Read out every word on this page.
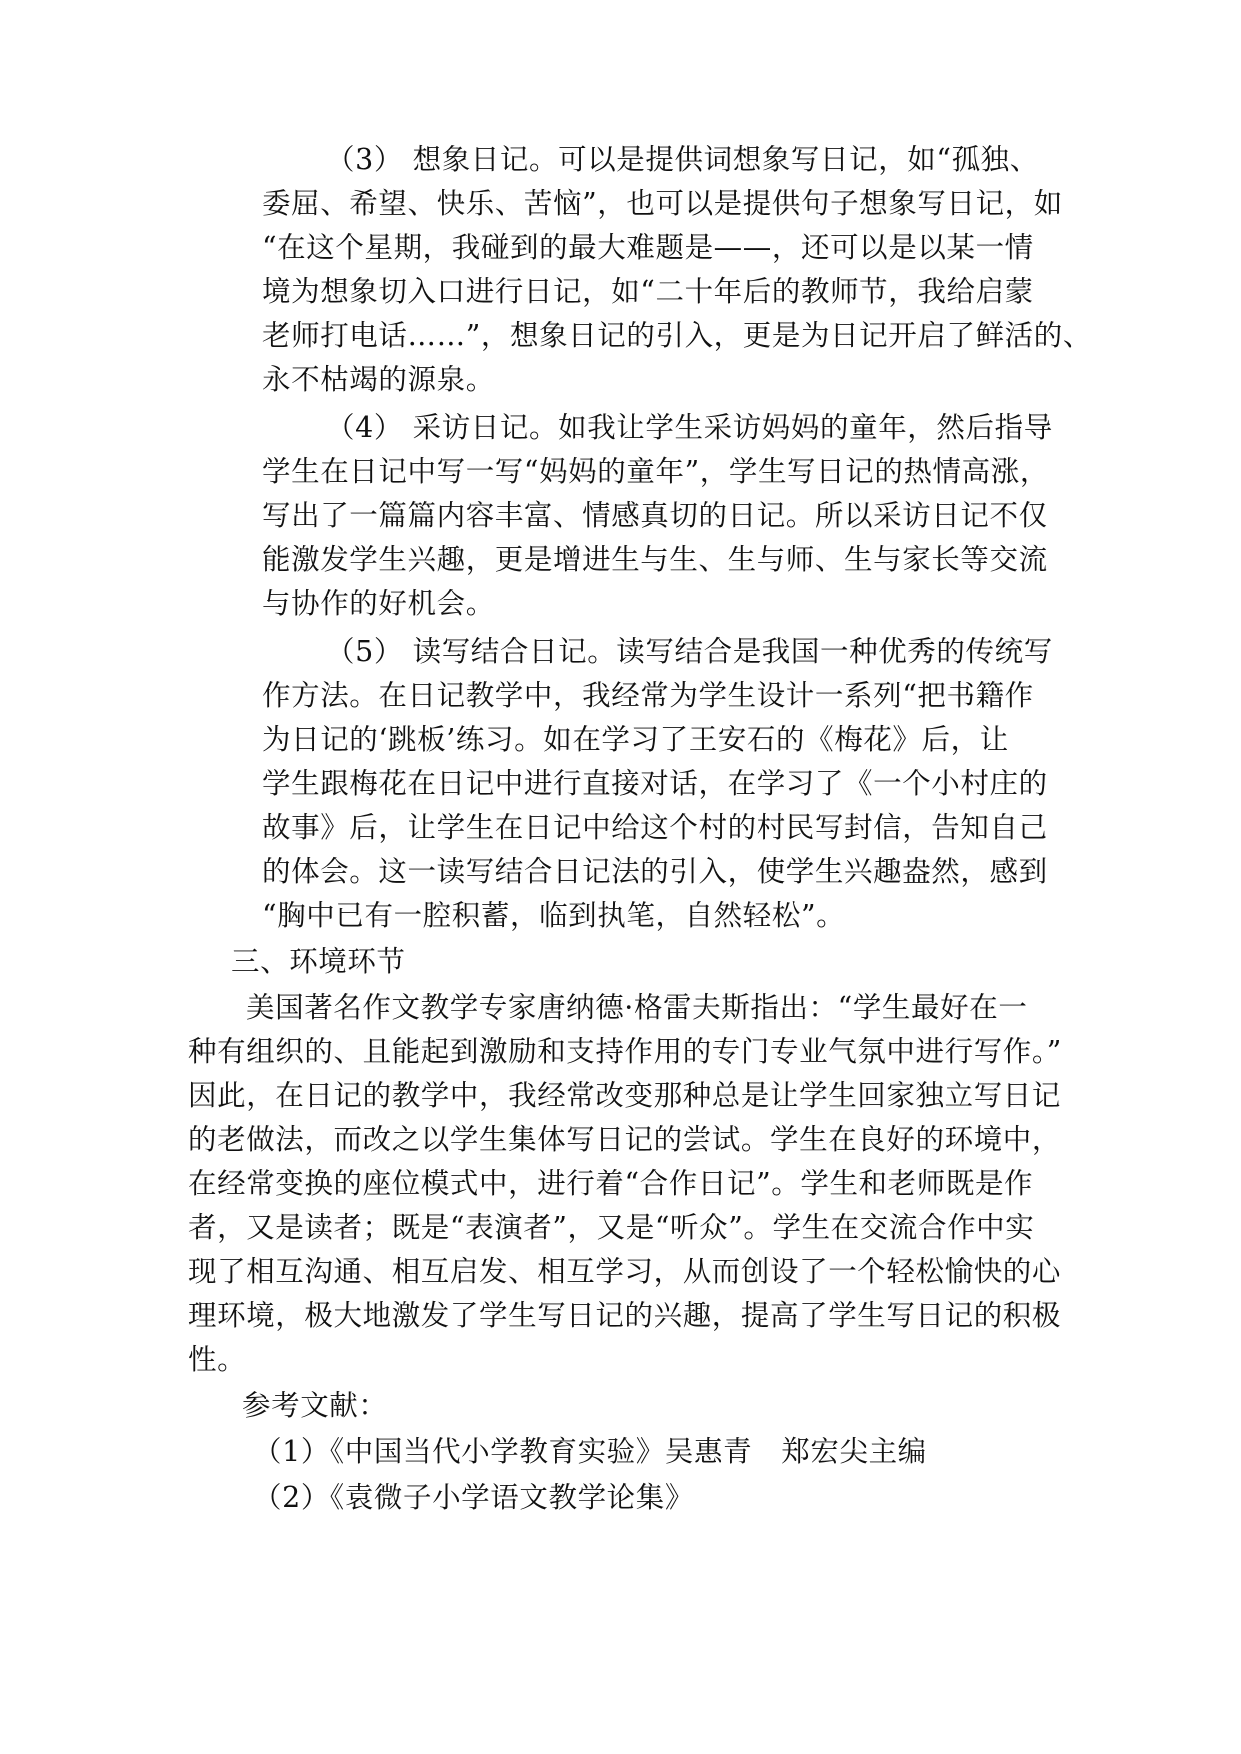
（3） 想象日记。可以是提供词想象写日记，如“孤独、
委屈、希望、快乐、苦恼”，也可以是提供句子想象写日记，如
“在这个星期，我碰到的最大难题是——，还可以是以某一情
境为想象切入口进行日记，如“二十年后的教师节，我给启蒙
老师打电话……”，想象日记的引入，更是为日记开启了鲜活的、
永不枯竭的源泉。
（4） 采访日记。如我让学生采访妈妈的童年，然后指导
学生在日记中写一写“妈妈的童年”，学生写日记的热情高涨，
写出了一篇篇内容丰富、情感真切的日记。所以采访日记不仅
能激发学生兴趣，更是增进生与生、生与师、生与家长等交流
与协作的好机会。
（5） 读写结合日记。读写结合是我国一种优秀的传统写
作方法。在日记教学中，我经常为学生设计一系列“把书籍作
为日记的‘跳板’练习。如在学习了王安石的《梅花》后，让
学生跟梅花在日记中进行直接对话，在学习了《一个小村庄的
故事》后，让学生在日记中给这个村的村民写封信，告知自己
的体会。这一读写结合日记法的引入，使学生兴趣盎然，感到
“胸中已有一腔积蓄，临到执笔，自然轻松”。
三、环境环节
美国著名作文教学专家唐纳德·格雷夫斯指出：“学生最好在一
种有组织的、且能起到激励和支持作用的专门专业气氛中进行写作。”
因此，在日记的教学中，我经常改变那种总是让学生回家独立写日记
的老做法，而改之以学生集体写日记的尝试。学生在良好的环境中，
在经常变换的座位模式中，进行着“合作日记”。学生和老师既是作
者，又是读者；既是“表演者”，又是“听众”。学生在交流合作中实
现了相互沟通、相互启发、相互学习，从而创设了一个轻松愉快的心
理环境，极大地激发了学生写日记的兴趣，提高了学生写日记的积极
性。
参考文献：
（1）《中国当代小学教育实验》吴惠青　郑宏尖主编
（2）《袁微子小学语文教学论集》
